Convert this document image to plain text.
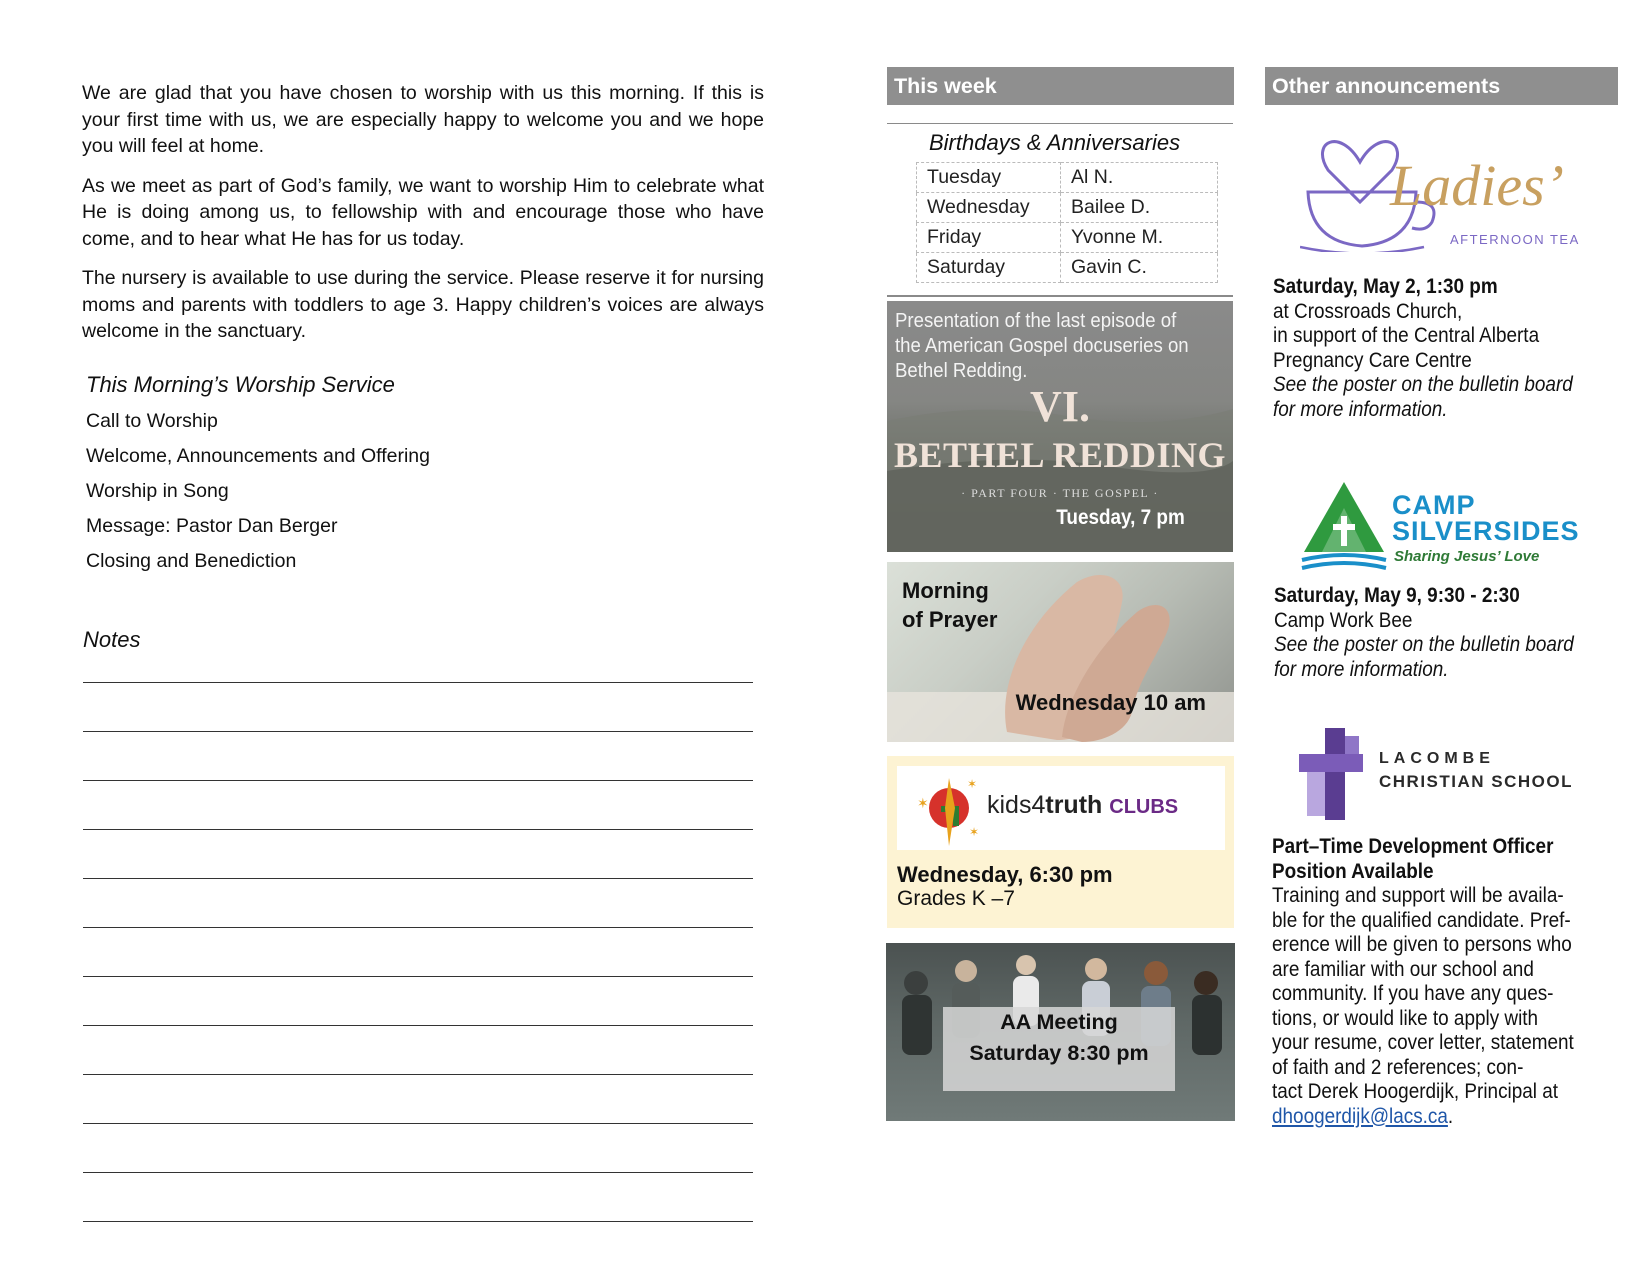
We are glad that you have chosen to worship with us this morning. If this is your first time with us, we are especially happy to welcome you and we hope you will feel at home.

As we meet as part of God’s family, we want to worship Him to celebrate what He is doing among us, to fellowship with and encourage those who have come, and to hear what He has for us today.

The nursery is available to use during the service. Please reserve it for nursing moms and parents with toddlers to age 3. Happy children’s voices are always welcome in the sanctuary.

This Morning’s Worship Service
Call to Worship
Welcome, Announcements and Offering
Worship in Song
Message: Pastor Dan Berger
Closing and Benediction
Notes
This week
Birthdays & Anniversaries
Tuesday	Al N.
Wednesday	Bailee D.
Friday	Yvonne M.
Saturday	Gavin C.
Presentation of the last episode of the American Gospel docuseries on Bethel Redding.
VI.
BETHEL REDDING
· PART FOUR · THE GOSPEL ·
Tuesday, 7 pm
Morning
of Prayer
Wednesday 10 am
✶
✶
✶
kids4truth CLUBS
Wednesday, 6:30 pm
Grades K –7
AA Meeting
Saturday 8:30 pm
Other announcements
Ladies’
AFTERNOON TEA
Saturday, May 2, 1:30 pm
at Crossroads Church,
in support of the Central Alberta
Pregnancy Care Centre
See the poster on the bulletin board
for more information.
CAMP
SILVERSIDES
Sharing Jesus’ Love
Saturday, May 9, 9:30 - 2:30
Camp Work Bee
See the poster on the bulletin board
for more information.
LACOMBE
CHRISTIAN SCHOOL
Part–Time Development Officer
Position Available
Training and support will be availa-
ble for the qualified candidate. Pref-
erence will be given to persons who
are familiar with our school and
community. If you have any ques-
tions, or would like to apply with
your resume, cover letter, statement
of faith and 2 references; con-
tact Derek Hoogerdijk, Principal at
dhoogerdijk@lacs.ca.
